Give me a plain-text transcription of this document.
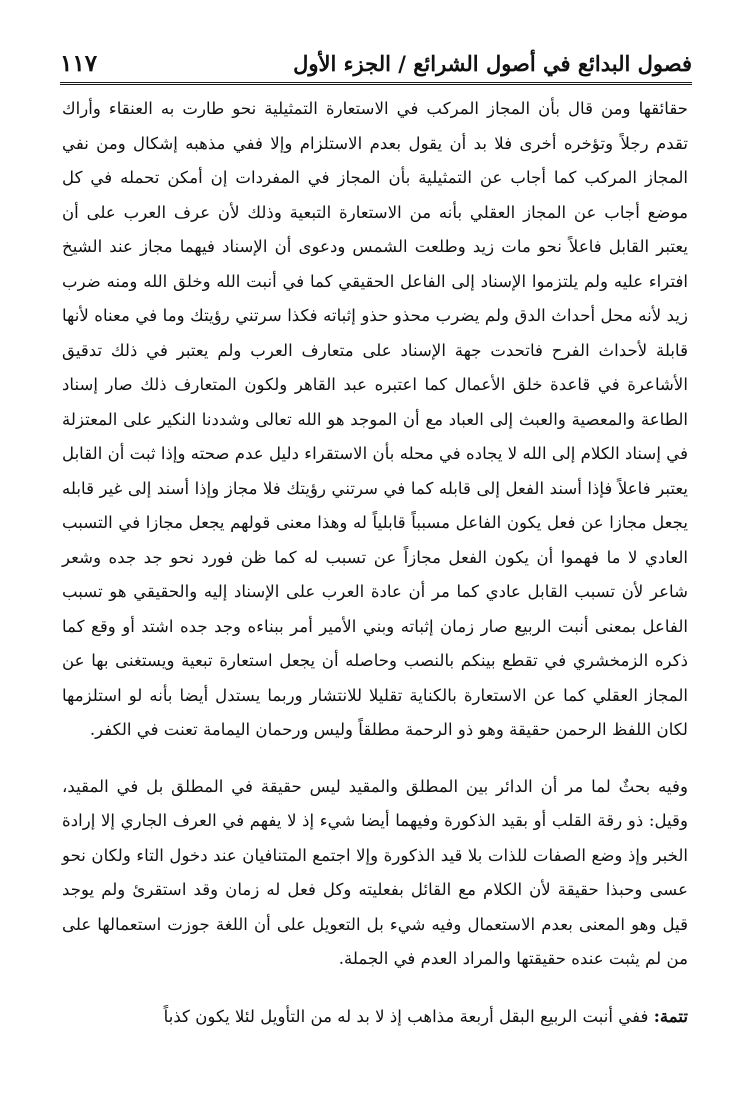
فصول البدائع في أصول الشرائع / الجزء الأول
١١٧

حقائقها ومن قال بأن المجاز المركب في الاستعارة التمثيلية نحو طارت به العنقاء وأراك تقدم رجلاً وتؤخره أخرى فلا بد أن يقول بعدم الاستلزام وإلا ففي مذهبه إشكال ومن نفي المجاز المركب كما أجاب عن التمثيلية بأن المجاز في المفردات إن أمكن تحمله في كل موضع أجاب عن المجاز العقلي بأنه من الاستعارة التبعية وذلك لأن عرف العرب على أن يعتبر القابل فاعلاً نحو مات زيد وطلعت الشمس ودعوى أن الإسناد فيهما مجاز عند الشيخ افتراء عليه ولم يلتزموا الإسناد إلى الفاعل الحقيقي كما في أنبت الله وخلق الله ومنه ضرب زيد لأنه محل أحداث الدق ولم يضرب محذو حذو إثباته فكذا سرتني رؤيتك وما في معناه لأنها قابلة لأحداث الفرح فاتحدت جهة الإسناد على متعارف العرب ولم يعتبر في ذلك تدقيق الأشاعرة في قاعدة خلق الأعمال كما اعتبره عبد القاهر ولكون المتعارف ذلك صار إسناد الطاعة والمعصية والعبث إلى العباد مع أن الموجد هو الله تعالى وشددنا النكير على المعتزلة في إسناد الكلام إلى الله لا يجاده في محله بأن الاستقراء دليل عدم صحته وإذا ثبت أن القابل يعتبر فاعلاً فإذا أسند الفعل إلى قابله كما في سرتني رؤيتك فلا مجاز وإذا أسند إلى غير قابله يجعل مجازا عن فعل يكون الفاعل مسبباً قابلياً له وهذا معنى قولهم يجعل مجازا في التسبب العادي لا ما فهموا أن يكون الفعل مجازاً عن تسبب له كما ظن فورد نحو جد جده وشعر شاعر لأن تسبب القابل عادي كما مر أن عادة العرب على الإسناد إليه والحقيقي هو تسبب الفاعل بمعنى أنبت الربيع صار زمان إثباته وبني الأمير أمر ببناءه وجد جده اشتد أو وقع كما ذكره الزمخشري في تقطع بينكم بالنصب وحاصله أن يجعل استعارة تبعية ويستغنى بها عن المجاز العقلي كما عن الاستعارة بالكناية تقليلا للانتشار وربما يستدل أيضا بأنه لو استلزمها لكان اللفظ الرحمن حقيقة وهو ذو الرحمة مطلقاً وليس ورحمان اليمامة تعنت في الكفر.

وفيه بحثٌ لما مر أن الدائر بين المطلق والمقيد ليس حقيقة في المطلق بل في المقيد، وقيل: ذو رقة القلب أو بقيد الذكورة وفيهما أيضا شيء إذ لا يفهم في العرف الجاري إلا إرادة الخبر وإذ وضع الصفات للذات بلا قيد الذكورة وإلا اجتمع المتنافيان عند دخول التاء ولكان نحو عسى وحبذا حقيقة لأن الكلام مع القائل بفعليته وكل فعل له زمان وقد استقرئ ولم يوجد قيل وهو المعنى بعدم الاستعمال وفيه شيء بل التعويل على أن اللغة جوزت استعمالها على من لم يثبت عنده حقيقتها والمراد العدم في الجملة.

تتمة: ففي أنبت الربيع البقل أربعة مذاهب إذ لا بد له من التأويل لئلا يكون كذباً
